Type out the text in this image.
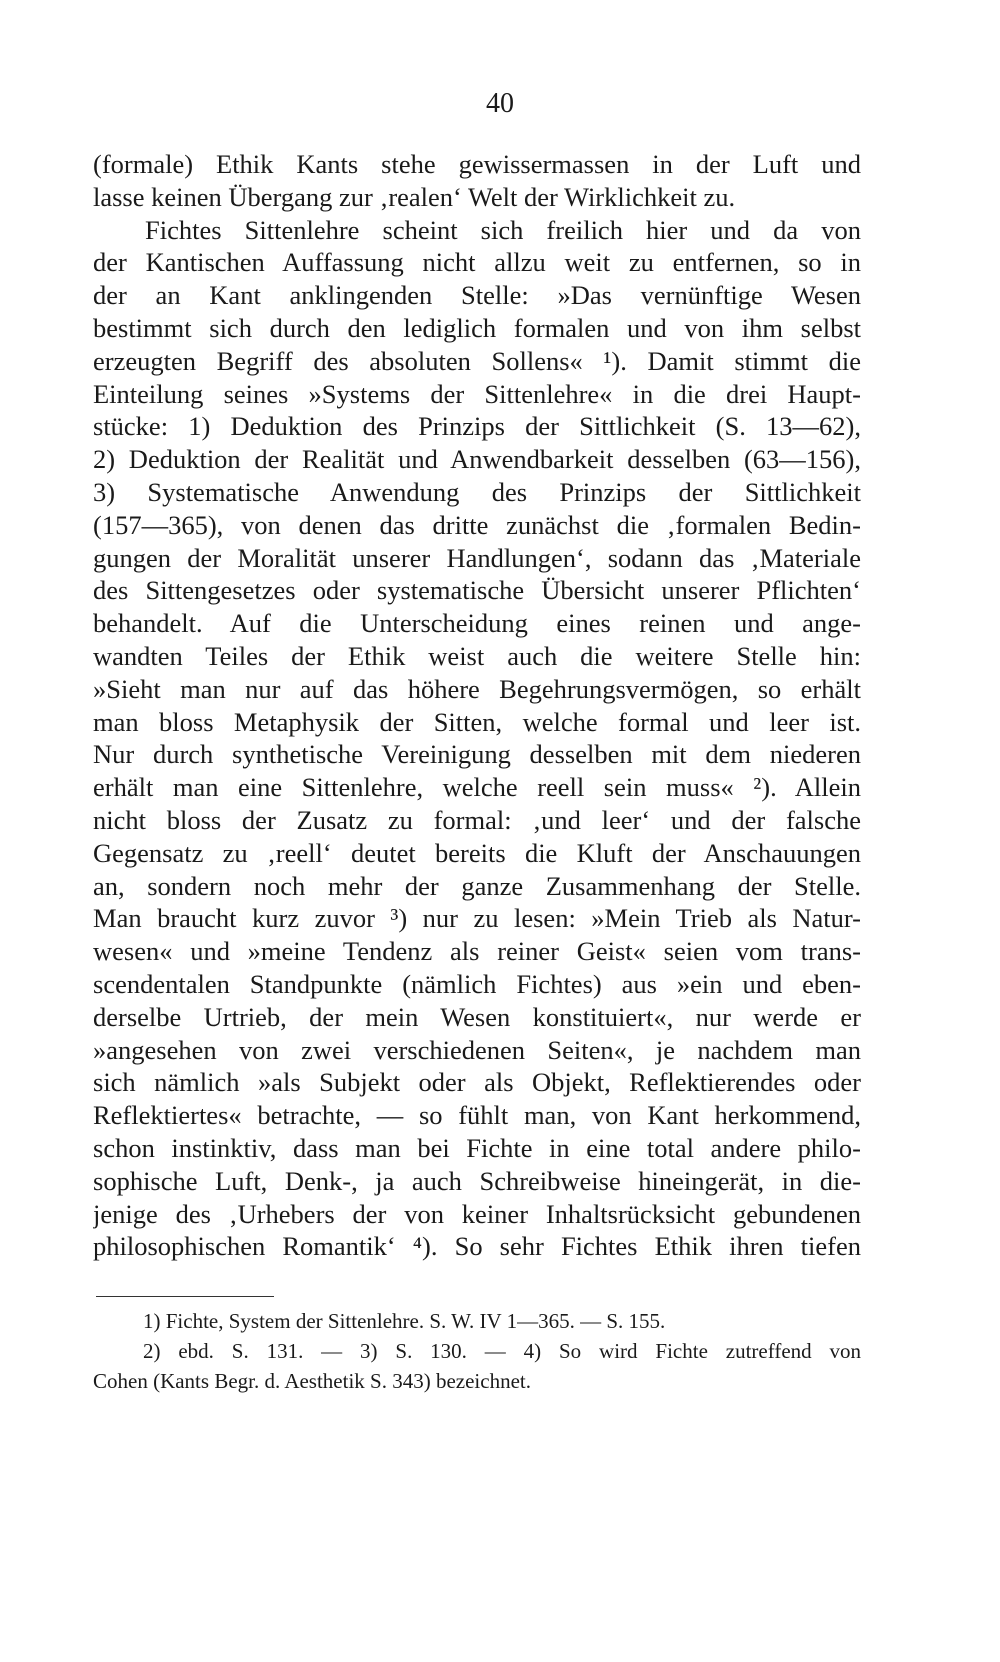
40
(formale) Ethik Kants stehe gewissermassen in der Luft und
lasse keinen Übergang zur ‚realen‘ Welt der Wirklichkeit zu.
Fichtes Sittenlehre scheint sich freilich hier und da von
der Kantischen Auffassung nicht allzu weit zu entfernen, so in
der an Kant anklingenden Stelle: »Das vernünftige Wesen
bestimmt sich durch den lediglich formalen und von ihm selbst
erzeugten Begriff des absoluten Sollens« ¹). Damit stimmt die
Einteilung seines »Systems der Sittenlehre« in die drei Haupt-
stücke: 1) Deduktion des Prinzips der Sittlichkeit (S. 13—62),
2) Deduktion der Realität und Anwendbarkeit desselben (63—156),
3) Systematische Anwendung des Prinzips der Sittlichkeit
(157—365), von denen das dritte zunächst die ‚formalen Bedin-
gungen der Moralität unserer Handlungen‘, sodann das ‚Materiale
des Sittengesetzes oder systematische Übersicht unserer Pflichten‘
behandelt. Auf die Unterscheidung eines reinen und ange-
wandten Teiles der Ethik weist auch die weitere Stelle hin:
»Sieht man nur auf das höhere Begehrungsvermögen, so erhält
man bloss Metaphysik der Sitten, welche formal und leer ist.
Nur durch synthetische Vereinigung desselben mit dem niederen
erhält man eine Sittenlehre, welche reell sein muss« ²). Allein
nicht bloss der Zusatz zu formal: ‚und leer‘ und der falsche
Gegensatz zu ‚reell‘ deutet bereits die Kluft der Anschauungen
an, sondern noch mehr der ganze Zusammenhang der Stelle.
Man braucht kurz zuvor ³) nur zu lesen: »Mein Trieb als Natur-
wesen« und »meine Tendenz als reiner Geist« seien vom trans-
scendentalen Standpunkte (nämlich Fichtes) aus »ein und eben-
derselbe Urtrieb, der mein Wesen konstituiert«, nur werde er
»angesehen von zwei verschiedenen Seiten«, je nachdem man
sich nämlich »als Subjekt oder als Objekt, Reflektierendes oder
Reflektiertes« betrachte, — so fühlt man, von Kant herkommend,
schon instinktiv, dass man bei Fichte in eine total andere philo-
sophische Luft, Denk-, ja auch Schreibweise hineingerät, in die-
jenige des ‚Urhebers der von keiner Inhaltsrücksicht gebundenen
philosophischen Romantik‘ ⁴). So sehr Fichtes Ethik ihren tiefen
1) Fichte, System der Sittenlehre. S. W. IV 1—365. — S. 155.
2) ebd. S. 131. — 3) S. 130. — 4) So wird Fichte zutreffend von
Cohen (Kants Begr. d. Aesthetik S. 343) bezeichnet.
